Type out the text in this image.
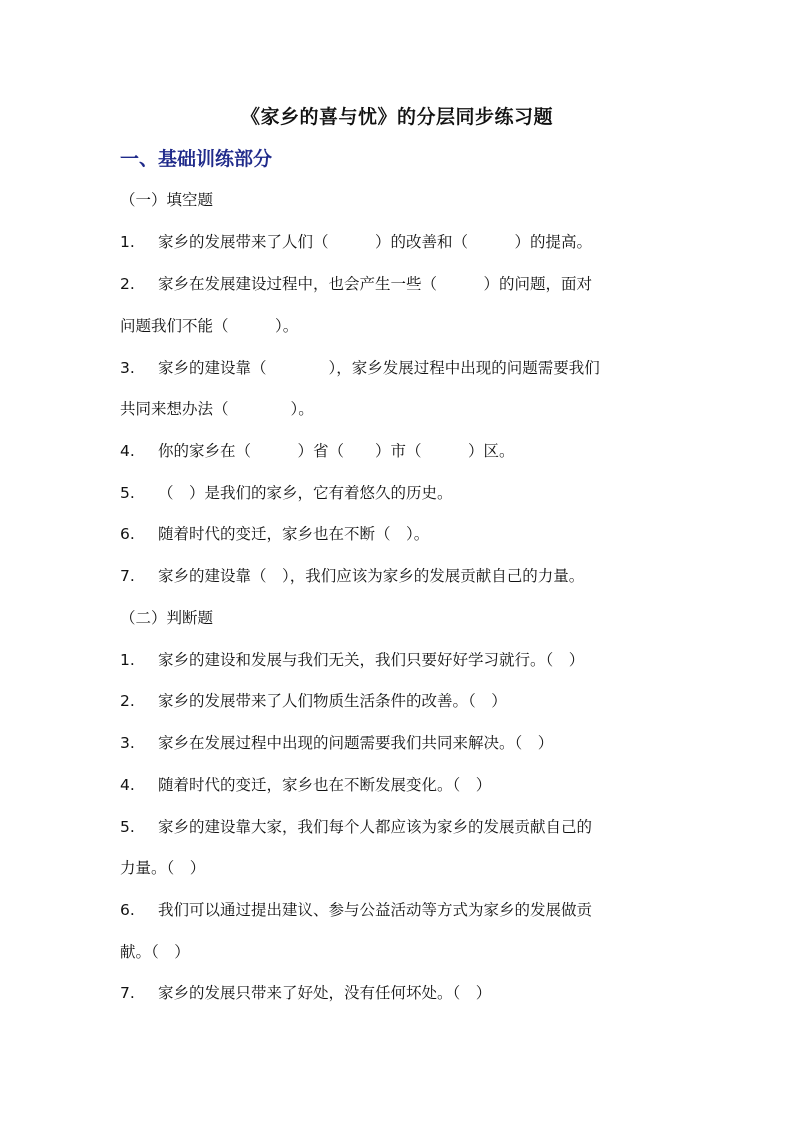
《家乡的喜与忧》的分层同步练习题
一、基础训练部分
（一）填空题
1. 家乡的发展带来了人们（　　　）的改善和（　　　）的提高。
2. 家乡在发展建设过程中，也会产生一些（　　　）的问题，面对
问题我们不能（　　　）。
3. 家乡的建设靠（　　　　），家乡发展过程中出现的问题需要我们
共同来想办法（　　　　）。
4. 你的家乡在（　　　）省（　　）市（　　　）区。
5. （　）是我们的家乡，它有着悠久的历史。
6. 随着时代的变迁，家乡也在不断（　）。
7. 家乡的建设靠（　），我们应该为家乡的发展贡献自己的力量。
（二）判断题
1. 家乡的建设和发展与我们无关，我们只要好好学习就行。（　）
2. 家乡的发展带来了人们物质生活条件的改善。（　）
3. 家乡在发展过程中出现的问题需要我们共同来解决。（　）
4. 随着时代的变迁，家乡也在不断发展变化。（　）
5. 家乡的建设靠大家，我们每个人都应该为家乡的发展贡献自己的
力量。（　）
6. 我们可以通过提出建议、参与公益活动等方式为家乡的发展做贡
献。（　）
7. 家乡的发展只带来了好处，没有任何坏处。（　）
